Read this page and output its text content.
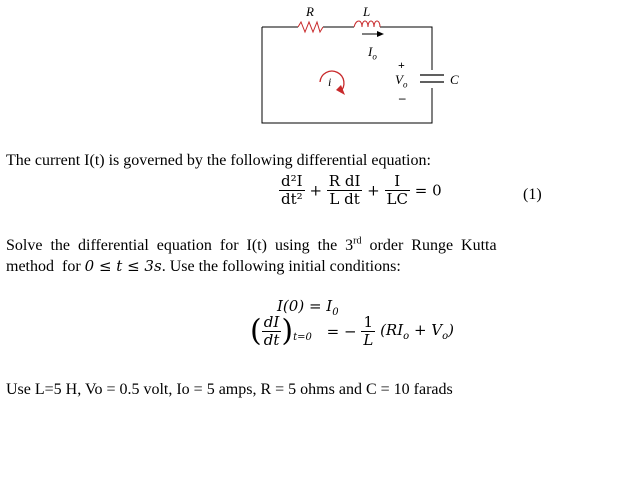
R	L
$I_o$
i
+
$V_o$
–
C
The current I(t) is governed by the following differential equation:
$\frac{\text{d²I}}{\text{dt²}} + \frac{\text{R dI}}{\text{L dt}} + \frac{I}{LC} = 0$	(1)
Solve  the  differential  equation  for  I(t)  using  the  3rd  order  Runge  Kutta
method  for 0 ≤ t ≤ 3s. Use the following initial conditions:
$I(0) = I_0$
( $\frac{dI}{dt} )_{t=0}$ = − $\frac{1}{L} (RI_o + V_o)$
Use L=5 H, Vo = 0.5 volt, Io = 5 amps, R = 5 ohms and C = 10 farads
